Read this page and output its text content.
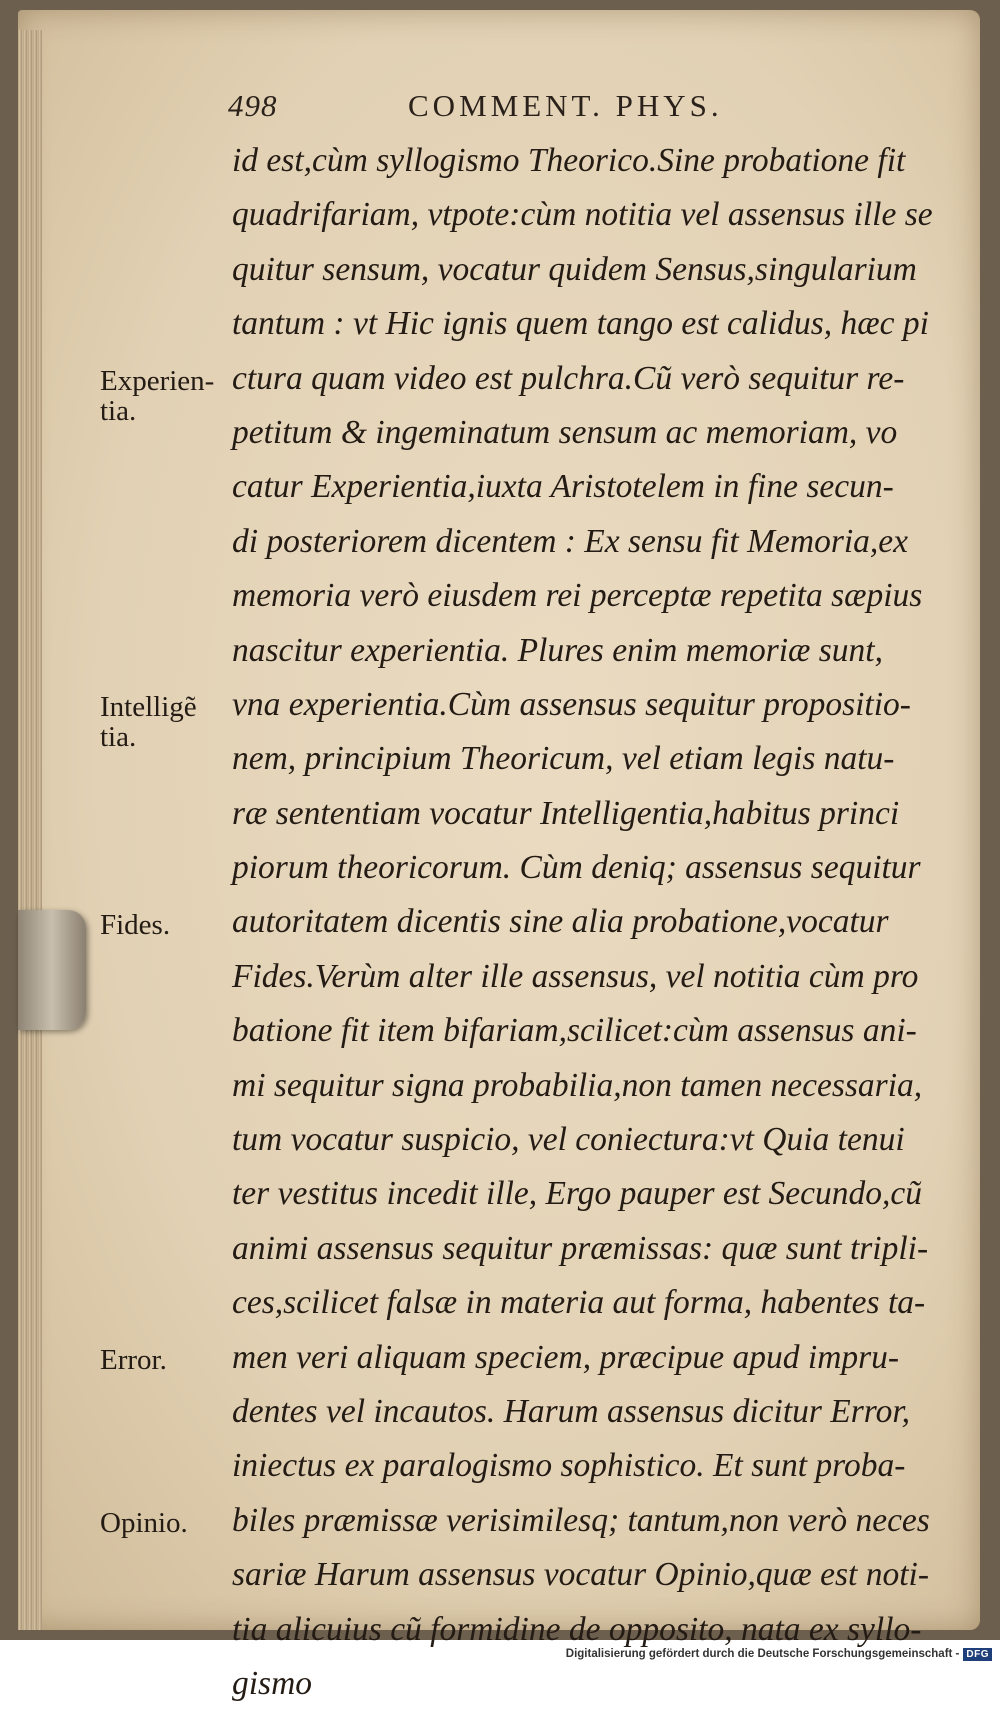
498	COMMENT. PHYS.
Experien-
tia.
Intelligẽ
tia.
Fides.
Error.
Opinio.
id est,cùm syllogismo Theorico.Sine probatione fit
quadrifariam, vtpote:cùm notitia vel assensus ille se
quitur sensum, vocatur quidem Sensus,singularium
tantum : vt Hic ignis quem tango est calidus, hæc pi
ctura quam video est pulchra.Cũ verò sequitur re-
petitum & ingeminatum sensum ac memoriam, vo
catur Experientia,iuxta Aristotelem in fine secun-
di posteriorem dicentem : Ex sensu fit Memoria,ex
memoria verò eiusdem rei perceptæ repetita sæpius
nascitur experientia. Plures enim memoriæ sunt,
vna experientia.Cùm assensus sequitur propositio-
nem, principium Theoricum, vel etiam legis natu-
ræ sententiam vocatur Intelligentia,habitus princi
piorum theoricorum. Cùm deniq; assensus sequitur
autoritatem dicentis sine alia probatione,vocatur
Fides.Verùm alter ille assensus, vel notitia cùm pro
batione fit item bifariam,scilicet:cùm assensus ani-
mi sequitur signa probabilia,non tamen necessaria,
tum vocatur suspicio, vel coniectura:vt Quia tenui
ter vestitus incedit ille, Ergo pauper est Secundo,cũ
animi assensus sequitur præmissas: quæ sunt tripli-
ces,scilicet falsæ in materia aut forma, habentes ta-
men veri aliquam speciem, præcipue apud impru-
dentes vel incautos. Harum assensus dicitur Error,
iniectus ex paralogismo sophistico. Et sunt proba-
biles præmissæ verisimilesq; tantum,non verò neces
sariæ Harum assensus vocatur Opinio,quæ est noti-
tia alicuius cũ formidine de opposito, nata ex syllo-
gismo
Digitalisierung gefördert durch die Deutsche Forschungsgemeinschaft - DFG
